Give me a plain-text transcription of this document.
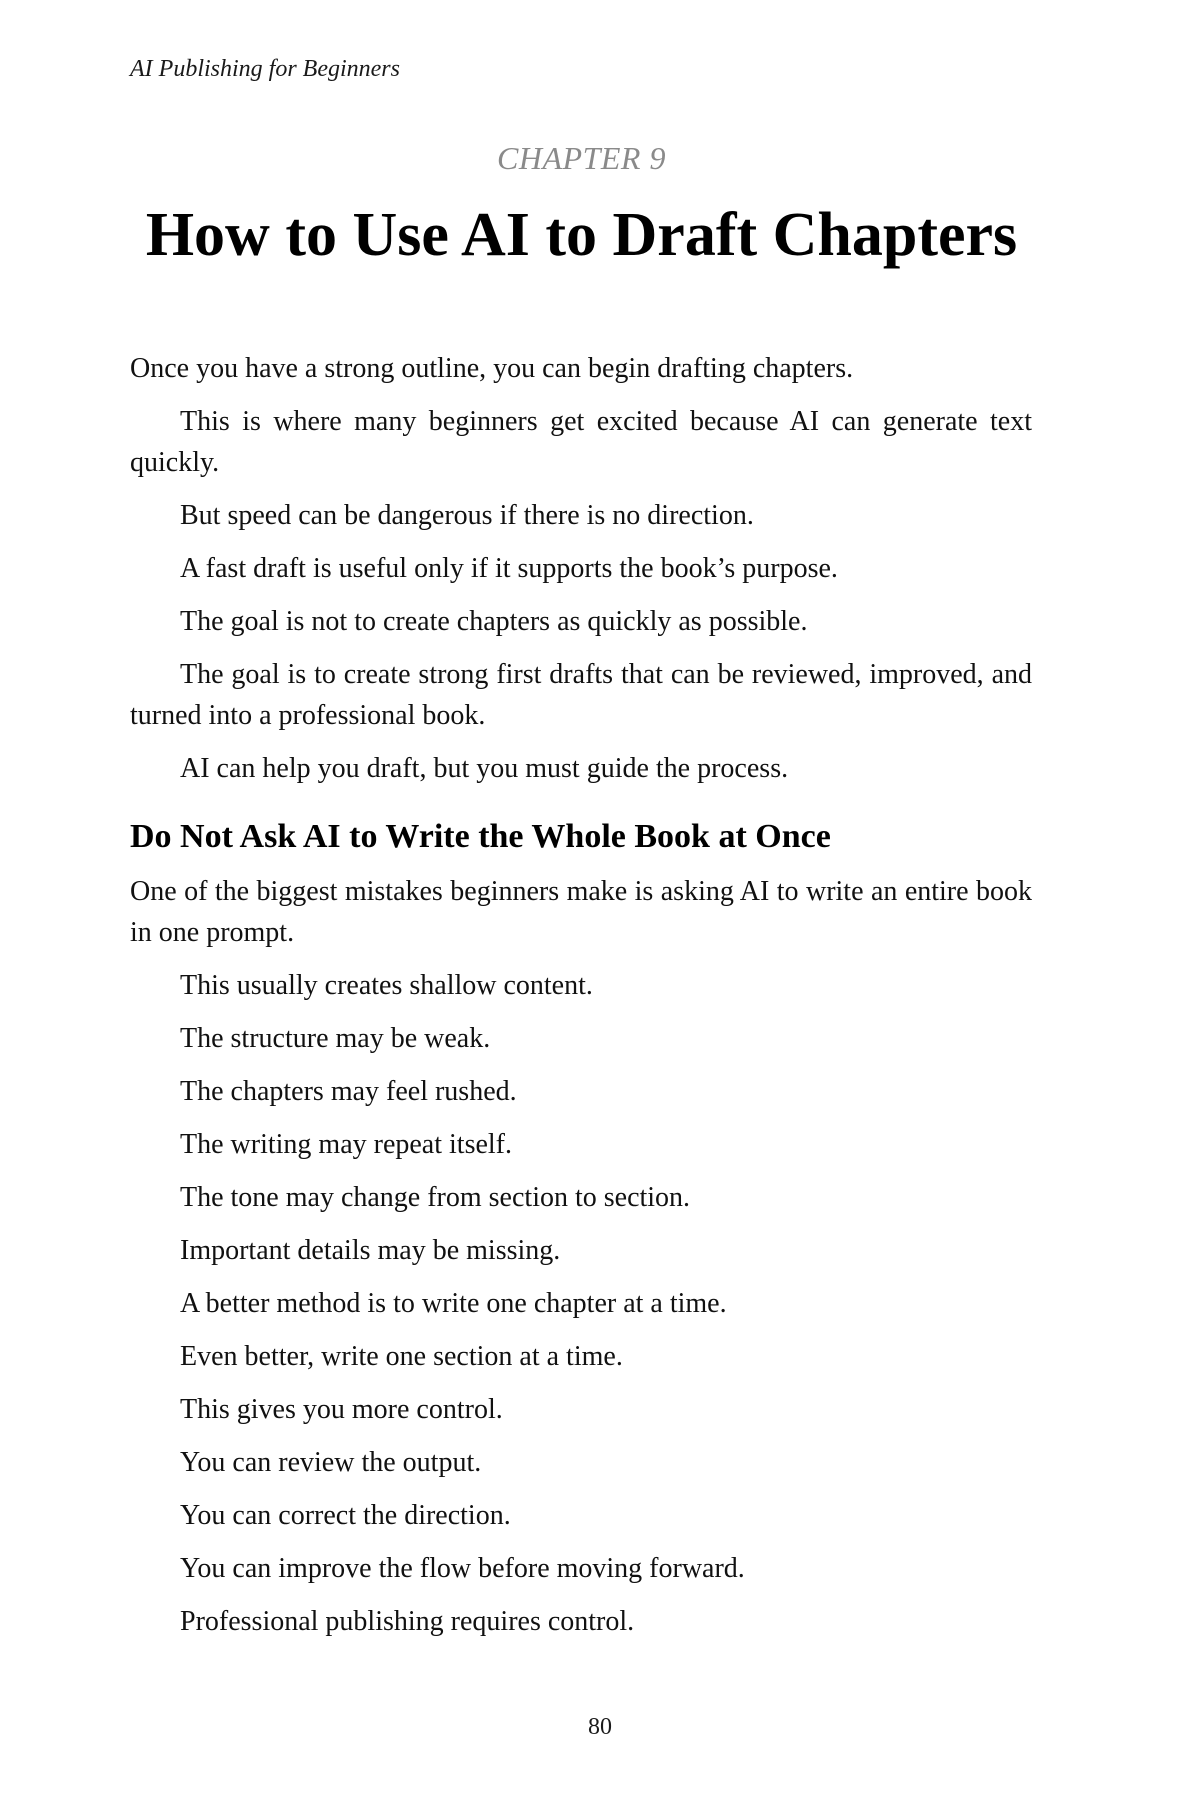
AI Publishing for Beginners

CHAPTER 9

How to Use AI to Draft Chapters

Once you have a strong outline, you can begin drafting chapters.

This is where many beginners get excited because AI can generate text quickly.

But speed can be dangerous if there is no direction.

A fast draft is useful only if it supports the book’s purpose.

The goal is not to create chapters as quickly as possible.

The goal is to create strong first drafts that can be reviewed, improved, and turned into a professional book.

AI can help you draft, but you must guide the process.

Do Not Ask AI to Write the Whole Book at Once

One of the biggest mistakes beginners make is asking AI to write an entire book in one prompt.

This usually creates shallow content.

The structure may be weak.

The chapters may feel rushed.

The writing may repeat itself.

The tone may change from section to section.

Important details may be missing.

A better method is to write one chapter at a time.

Even better, write one section at a time.

This gives you more control.

You can review the output.

You can correct the direction.

You can improve the flow before moving forward.

Professional publishing requires control.

80
